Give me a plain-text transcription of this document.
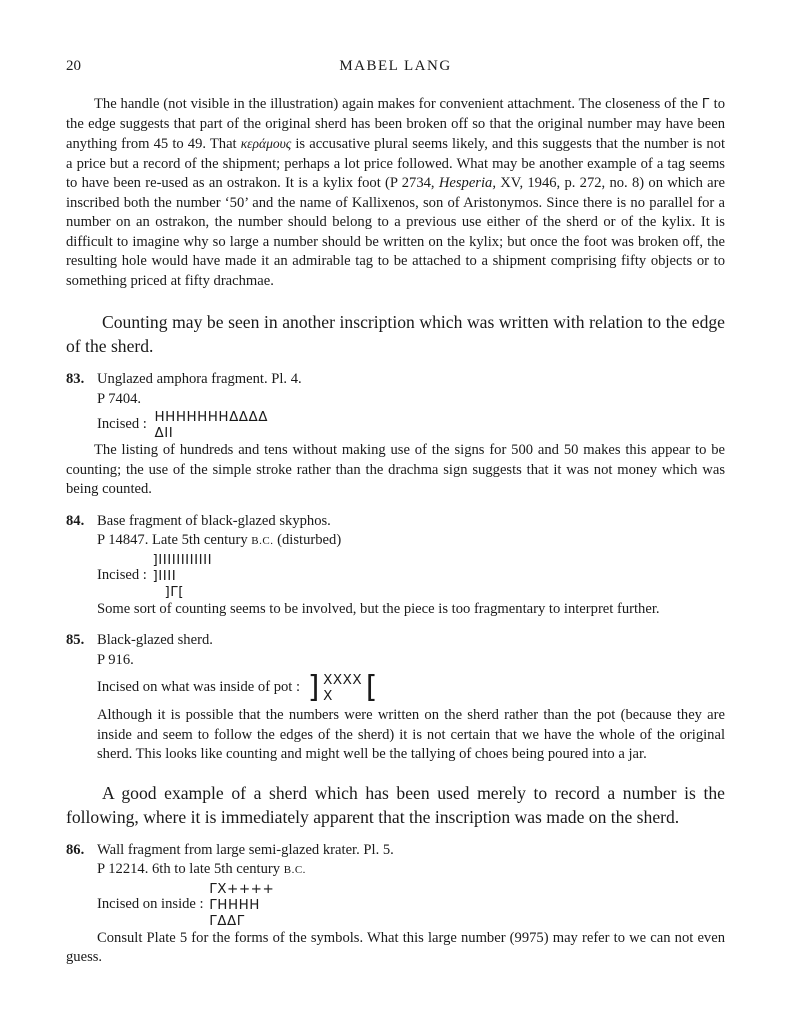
20	MABEL LANG

The handle (not visible in the illustration) again makes for convenient attachment. The closeness of the Γ to the edge suggests that part of the original sherd has been broken off so that the original number may have been anything from 45 to 49. That κεράμους is accusative plural seems likely, and this suggests that the number is not a price but a record of the shipment; perhaps a lot price followed. What may be another example of a tag seems to have been re-used as an ostrakon. It is a kylix foot (P 2734, Hesperia, XV, 1946, p. 272, no. 8) on which are inscribed both the number ‘50’ and the name of Kallixenos, son of Aristonymos. Since there is no parallel for a number on an ostrakon, the number should belong to a previous use either of the sherd or of the kylix. It is difficult to imagine why so large a number should be written on the kylix; but once the foot was broken off, the resulting hole would have made it an admirable tag to be attached to a shipment comprising fifty objects or to something priced at fifty drachmae.

Counting may be seen in another inscription which was written with relation to the edge of the sherd.

83. Unglazed amphora fragment. Pl. 4.
P 7404.
Incised : HHHHHHHΔΔΔΔ
ΔII

The listing of hundreds and tens without making use of the signs for 500 and 50 makes this appear to be counting; the use of the simple stroke rather than the drachma sign suggests that it was not money which was being counted.

84. Base fragment of black-glazed skyphos.
P 14847. Late 5th century B.C. (disturbed)
Incised :
]IIIIIIIIIIII
]IIII
]Γ[

Some sort of counting seems to be involved, but the piece is too fragmentary to interpret further.

85. Black-glazed sherd.
P 916.
Incised on what was inside of pot : ] XXXX
X	[

Although it is possible that the numbers were written on the sherd rather than the pot (because they are inside and seem to follow the edges of the sherd) it is not certain that we have the whole of the original sherd. This looks like counting and might well be the tallying of choes being poured into a jar.

A good example of a sherd which has been used merely to record a number is the following, where it is immediately apparent that the inscription was made on the sherd.

86. Wall fragment from large semi-glazed krater. Pl. 5.
P 12214. 6th to late 5th century B.C.
Incised on inside :
ΓX++++
ΓHHHH
ΓΔΔΓ

Consult Plate 5 for the forms of the symbols. What this large number (9975) may refer to we can not even guess.
